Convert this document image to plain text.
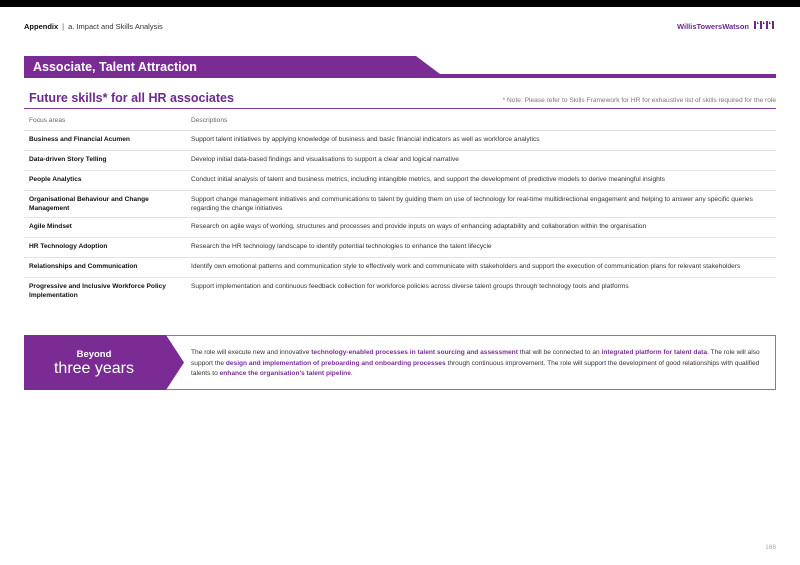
Appendix | a. Impact and Skills Analysis	WillisTowersWatson
Associate, Talent Attraction
Future skills* for all HR associates	* Note: Please refer to Skills Framework for HR for exhaustive list of skills required for the role
Focus areas	Descriptions
Business and Financial Acumen	Support talent initiatives by applying knowledge of business and basic financial indicators as well as workforce analytics
Data-driven Story Telling	Develop initial data-based findings and visualisations to support a clear and logical narrative
People Analytics	Conduct initial analysis of talent and business metrics, including intangible metrics, and support the development of predictive models to derive meaningful insights
Organisational Behaviour and Change Management	Support change management initiatives and communications to talent by guiding them on use of technology for real-time multidirectional engagement and helping to answer any specific queries regarding the change initiatives
Agile Mindset	Research on agile ways of working, structures and processes and provide inputs on ways of enhancing adaptability and collaboration within the organisation
HR Technology Adoption	Research the HR technology landscape to identify potential technologies to enhance the talent lifecycle
Relationships and Communication	Identify own emotional patterns and communication style to effectively work and communicate with stakeholders and support the execution of communication plans for relevant stakeholders
Progressive and Inclusive Workforce Policy Implementation	Support implementation and continuous feedback collection for workforce policies across diverse talent groups through technology tools and platforms
Beyond
three years
The role will execute new and innovative technology-enabled processes in talent sourcing and assessment that will be connected to an integrated platform for talent data. The role will also support the design and implementation of preboarding and onboarding processes through continuous improvement. The role will support the development of good relationships with qualified talents to enhance the organisation's talent pipeline.
168
